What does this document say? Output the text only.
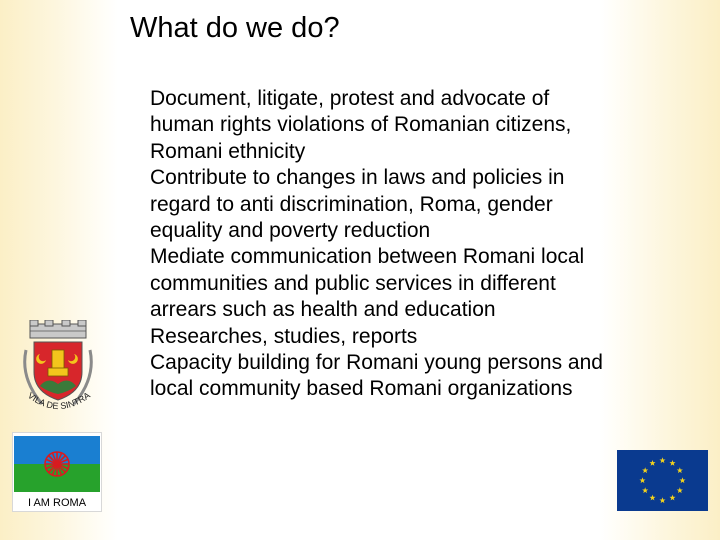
What do we do?

Document, litigate, protest and advocate of human rights violations of Romanian citizens, Romani ethnicity

Contribute to changes in laws and policies in regard to anti discrimination, Roma, gender equality and poverty reduction

Mediate communication between Romani local communities and public services in different arrears such as health and education

Researches, studies, reports

Capacity building for Romani young persons and local community based Romani organizations

VILA DE SINTRA
I AM ROMA
